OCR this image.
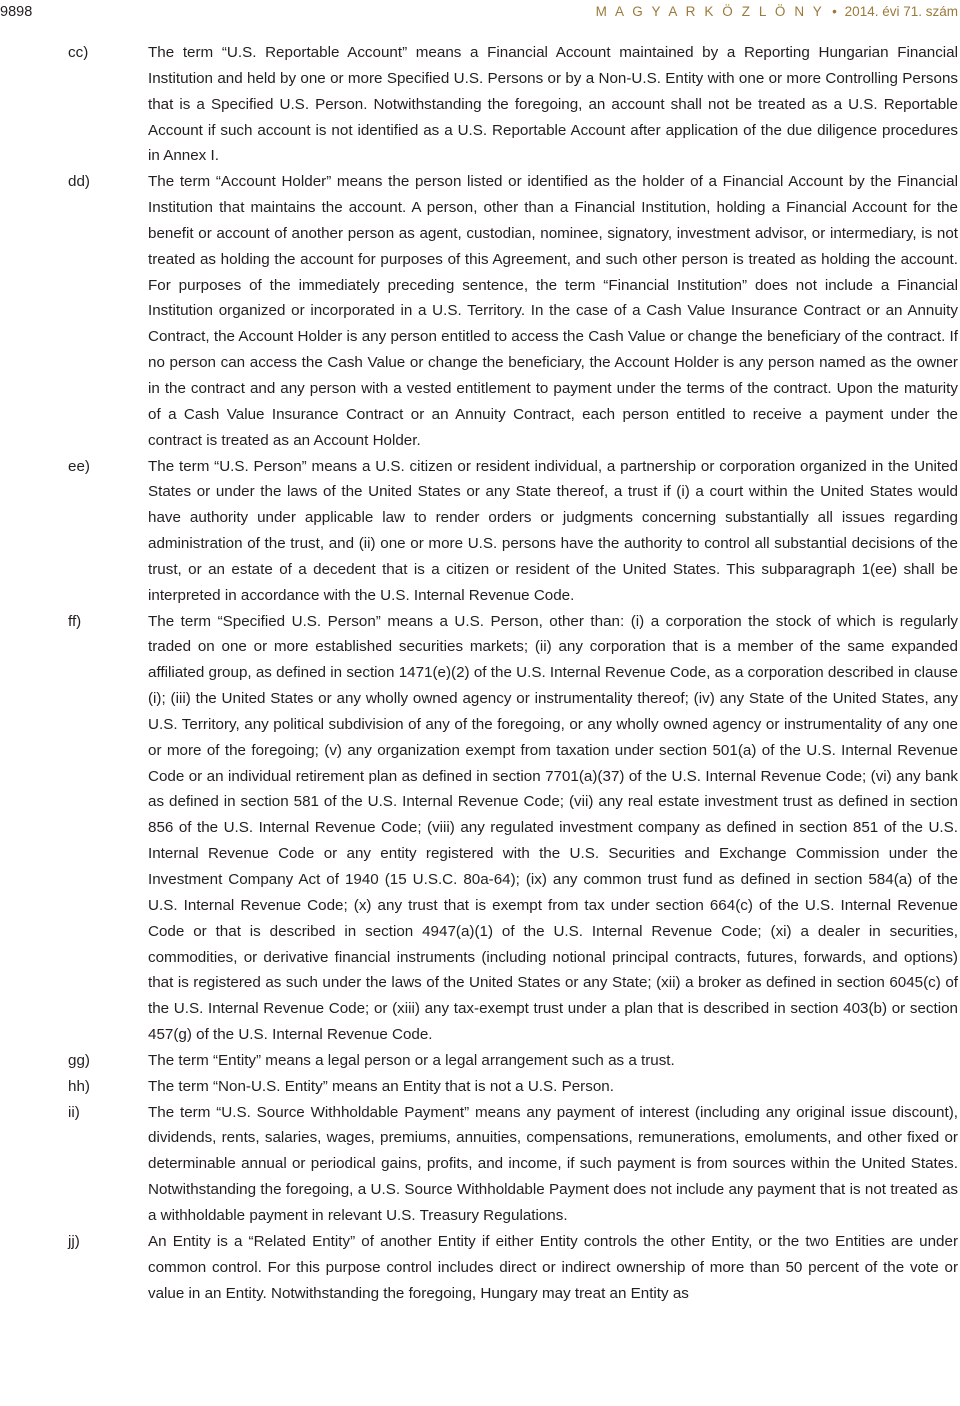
9898	M A G Y A R K Ö Z L Ö N Y • 2014. évi 71. szám
cc)	The term “U.S. Reportable Account” means a Financial Account maintained by a Reporting Hungarian Financial Institution and held by one or more Specified U.S. Persons or by a Non-U.S. Entity with one or more Controlling Persons that is a Specified U.S. Person. Notwithstanding the foregoing, an account shall not be treated as a U.S. Reportable Account if such account is not identified as a U.S. Reportable Account after application of the due diligence procedures in Annex I.
dd)	The term “Account Holder” means the person listed or identified as the holder of a Financial Account by the Financial Institution that maintains the account. A person, other than a Financial Institution, holding a Financial Account for the benefit or account of another person as agent, custodian, nominee, signatory, investment advisor, or intermediary, is not treated as holding the account for purposes of this Agreement, and such other person is treated as holding the account. For purposes of the immediately preceding sentence, the term “Financial Institution” does not include a Financial Institution organized or incorporated in a U.S. Territory. In the case of a Cash Value Insurance Contract or an Annuity Contract, the Account Holder is any person entitled to access the Cash Value or change the beneficiary of the contract. If no person can access the Cash Value or change the beneficiary, the Account Holder is any person named as the owner in the contract and any person with a vested entitlement to payment under the terms of the contract. Upon the maturity of a Cash Value Insurance Contract or an Annuity Contract, each person entitled to receive a payment under the contract is treated as an Account Holder.
ee)	The term “U.S. Person” means a U.S. citizen or resident individual, a partnership or corporation organized in the United States or under the laws of the United States or any State thereof, a trust if (i) a court within the United States would have authority under applicable law to render orders or judgments concerning substantially all issues regarding administration of the trust, and (ii) one or more U.S. persons have the authority to control all substantial decisions of the trust, or an estate of a decedent that is a citizen or resident of the United States. This subparagraph 1(ee) shall be interpreted in accordance with the U.S. Internal Revenue Code.
ff)	The term “Specified U.S. Person” means a U.S. Person, other than: (i) a corporation the stock of which is regularly traded on one or more established securities markets; (ii) any corporation that is a member of the same expanded affiliated group, as defined in section 1471(e)(2) of the U.S. Internal Revenue Code, as a corporation described in clause (i); (iii) the United States or any wholly owned agency or instrumentality thereof; (iv) any State of the United States, any U.S. Territory, any political subdivision of any of the foregoing, or any wholly owned agency or instrumentality of any one or more of the foregoing; (v) any organization exempt from taxation under section 501(a) of the U.S. Internal Revenue Code or an individual retirement plan as defined in section 7701(a)(37) of the U.S. Internal Revenue Code; (vi) any bank as defined in section 581 of the U.S. Internal Revenue Code; (vii) any real estate investment trust as defined in section 856 of the U.S. Internal Revenue Code; (viii) any regulated investment company as defined in section 851 of the U.S. Internal Revenue Code or any entity registered with the U.S. Securities and Exchange Commission under the Investment Company Act of 1940 (15 U.S.C. 80a-64); (ix) any common trust fund as defined in section 584(a) of the U.S. Internal Revenue Code; (x) any trust that is exempt from tax under section 664(c) of the U.S. Internal Revenue Code or that is described in section 4947(a)(1) of the U.S. Internal Revenue Code; (xi) a dealer in securities, commodities, or derivative financial instruments (including notional principal contracts, futures, forwards, and options) that is registered as such under the laws of the United States or any State; (xii) a broker as defined in section 6045(c) of the U.S. Internal Revenue Code; or (xiii) any tax-exempt trust under a plan that is described in section 403(b) or section 457(g) of the U.S. Internal Revenue Code.
gg)	The term “Entity” means a legal person or a legal arrangement such as a trust.
hh)	The term “Non-U.S. Entity” means an Entity that is not a U.S. Person.
ii)	The term “U.S. Source Withholdable Payment” means any payment of interest (including any original issue discount), dividends, rents, salaries, wages, premiums, annuities, compensations, remunerations, emoluments, and other fixed or determinable annual or periodical gains, profits, and income, if such payment is from sources within the United States. Notwithstanding the foregoing, a U.S. Source Withholdable Payment does not include any payment that is not treated as a withholdable payment in relevant U.S. Treasury Regulations.
jj)	An Entity is a “Related Entity” of another Entity if either Entity controls the other Entity, or the two Entities are under common control. For this purpose control includes direct or indirect ownership of more than 50 percent of the vote or value in an Entity. Notwithstanding the foregoing, Hungary may treat an Entity as
